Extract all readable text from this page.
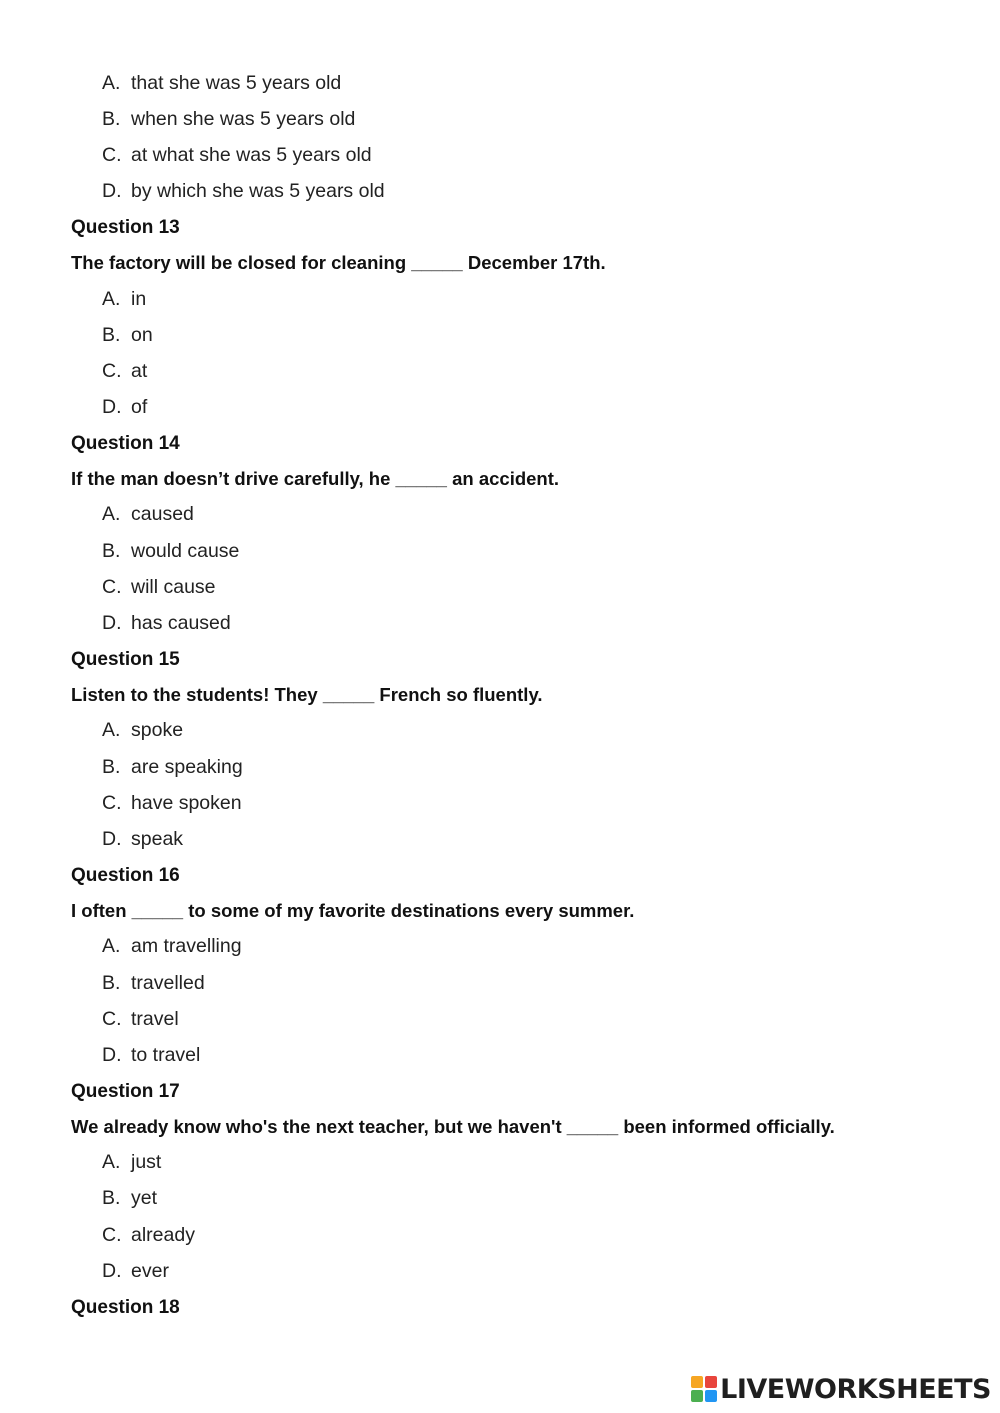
A. that she was 5 years old
B. when she was 5 years old
C. at what she was 5 years old
D. by which she was 5 years old
Question 13
The factory will be closed for cleaning _____ December 17th.
A. in
B. on
C. at
D. of
Question 14
If the man doesn’t drive carefully, he _____ an accident.
A. caused
B. would cause
C. will cause
D. has caused
Question 15
Listen to the students! They _____ French so fluently.
A. spoke
B. are speaking
C. have spoken
D. speak
Question 16
I often _____ to some of my favorite destinations every summer.
A. am travelling
B. travelled
C. travel
D. to travel
Question 17
We already know who's the next teacher, but we haven't _____ been informed officially.
A. just
B. yet
C. already
D. ever
Question 18
LIVEWORKSHEETS
